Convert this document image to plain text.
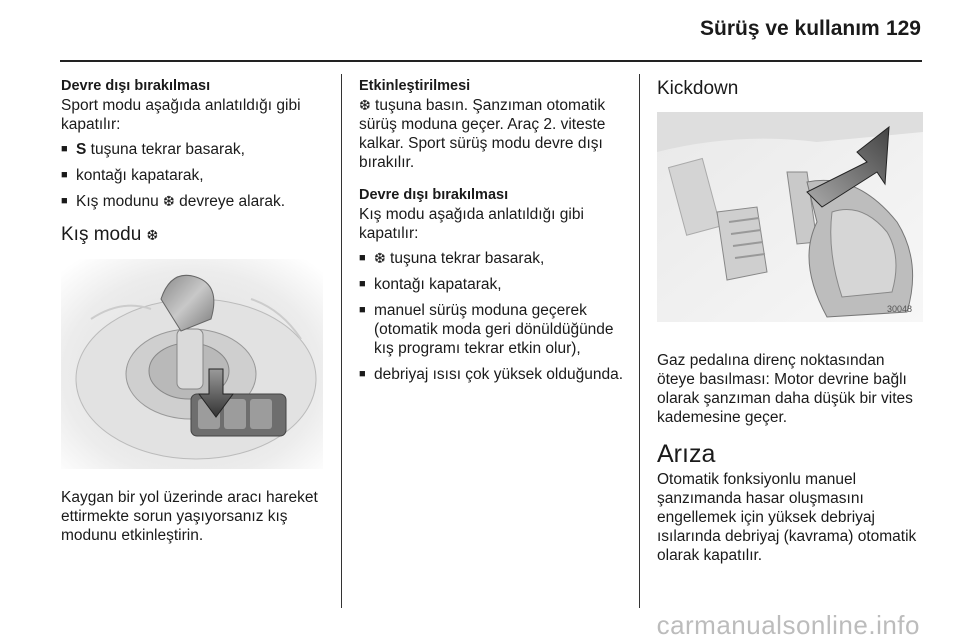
Sürüş ve kullanım 129
Devre dışı bırakılması
Sport modu aşağıda anlatıldığı gibi kapatılır:
■ S tuşuna tekrar basarak,
■ kontağı kapatarak,
■ Kış modunu ❆ devreye alarak.
Kış modu ❆
Kaygan bir yol üzerinde aracı hareket ettirmekte sorun yaşıyorsanız kış modunu etkinleştirin.
Etkinleştirilmesi
❆ tuşuna basın. Şanzıman otomatik sürüş moduna geçer. Araç 2. viteste kalkar. Sport sürüş modu devre dışı bırakılır.
Devre dışı bırakılması
Kış modu aşağıda anlatıldığı gibi kapatılır:
■ ❆ tuşuna tekrar basarak,
■ kontağı kapatarak,
■ manuel sürüş moduna geçerek (otomatik moda geri dönüldüğünde kış programı tekrar etkin olur),
■ debriyaj ısısı çok yüksek olduğunda.
Kickdown
30048
Gaz pedalına direnç noktasından öteye basılması: Motor devrine bağlı olarak şanzıman daha düşük bir vites kademesine geçer.
Arıza
Otomatik fonksiyonlu manuel şanzımanda hasar oluşmasını engellemek için yüksek debriyaj ısılarında debriyaj (kavrama) otomatik olarak kapatılır.
carmanualsonline.info
